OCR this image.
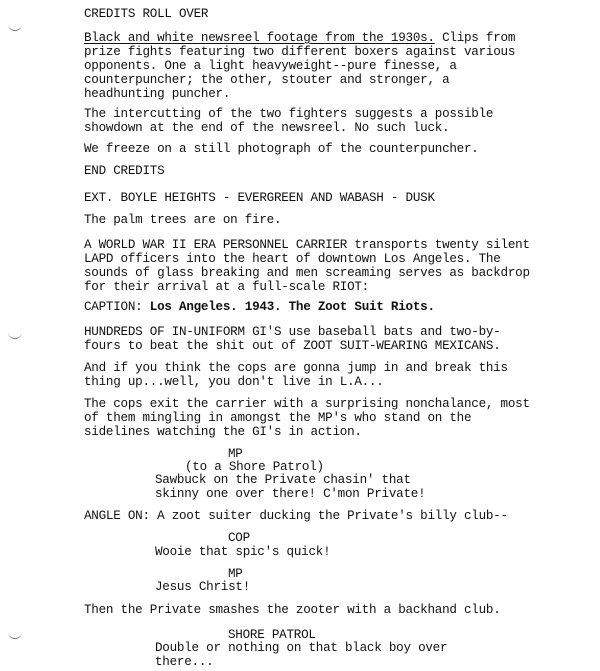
CREDITS ROLL OVER
Black and white newsreel footage from the 1930s. Clips from
prize fights featuring two different boxers against various
opponents. One a light heavyweight--pure finesse, a
counterpuncher; the other, stouter and stronger, a
headhunting puncher.
The intercutting of the two fighters suggests a possible
showdown at the end of the newsreel. No such luck.
We freeze on a still photograph of the counterpuncher.
END CREDITS
EXT. BOYLE HEIGHTS - EVERGREEN AND WABASH - DUSK
The palm trees are on fire.
A WORLD WAR II ERA PERSONNEL CARRIER transports twenty silent
LAPD officers into the heart of downtown Los Angeles. The
sounds of glass breaking and men screaming serves as backdrop
for their arrival at a full-scale RIOT:
CAPTION: Los Angeles. 1943. The Zoot Suit Riots.
HUNDREDS OF IN-UNIFORM GI'S use baseball bats and two-by-
fours to beat the shit out of ZOOT SUIT-WEARING MEXICANS.
And if you think the cops are gonna jump in and break this
thing up...well, you don't live in L.A...
The cops exit the carrier with a surprising nonchalance, most
of them mingling in amongst the MP's who stand on the
sidelines watching the GI's in action.
MP
(to a Shore Patrol)
Sawbuck on the Private chasin' that
skinny one over there! C'mon Private!
ANGLE ON: A zoot suiter ducking the Private's billy club--
COP
Wooie that spic's quick!
MP
Jesus Christ!
Then the Private smashes the zooter with a backhand club.
SHORE PATROL
Double or nothing on that black boy over
there...
